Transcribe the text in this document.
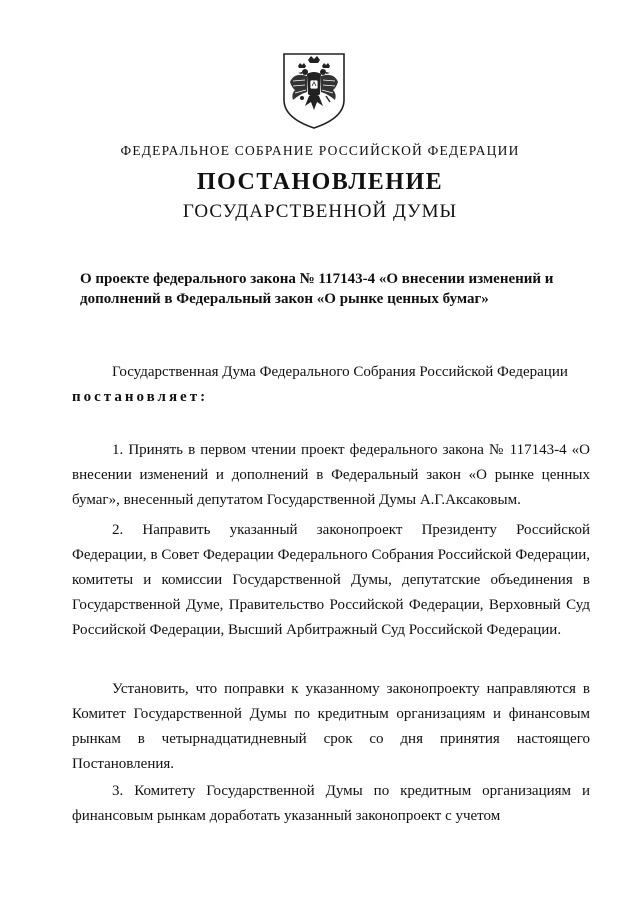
ФЕДЕРАЛЬНОЕ СОБРАНИЕ РОССИЙСКОЙ ФЕДЕРАЦИИ
ПОСТАНОВЛЕНИЕ
ГОСУДАРСТВЕННОЙ ДУМЫ
О проекте федерального закона № 117143-4 «О внесении изменений и дополнений в Федеральный закон «О рынке ценных бумаг»

Государственная Дума Федерального Собрания Российской Федерации

постановляет:

1. Принять в первом чтении проект федерального закона № 117143-4 «О внесении изменений и дополнений в Федеральный закон «О рынке ценных бумаг», внесенный депутатом Государственной Думы А.Г.Аксаковым.

2. Направить указанный законопроект Президенту Российской Федерации, в Совет Федерации Федерального Собрания Российской Федерации, комитеты и комиссии Государственной Думы, депутатские объединения в Государственной Думе, Правительство Российской Федерации, Верховный Суд Российской Федерации, Высший Арбитражный Суд Российской Федерации.

Установить, что поправки к указанному законопроекту направляются в Комитет Государственной Думы по кредитным организациям и финансовым рынкам в четырнадцатидневный срок со дня принятия настоящего Постановления.

3. Комитету Государственной Думы по кредитным организациям и финансовым рынкам доработать указанный законопроект с учетом
